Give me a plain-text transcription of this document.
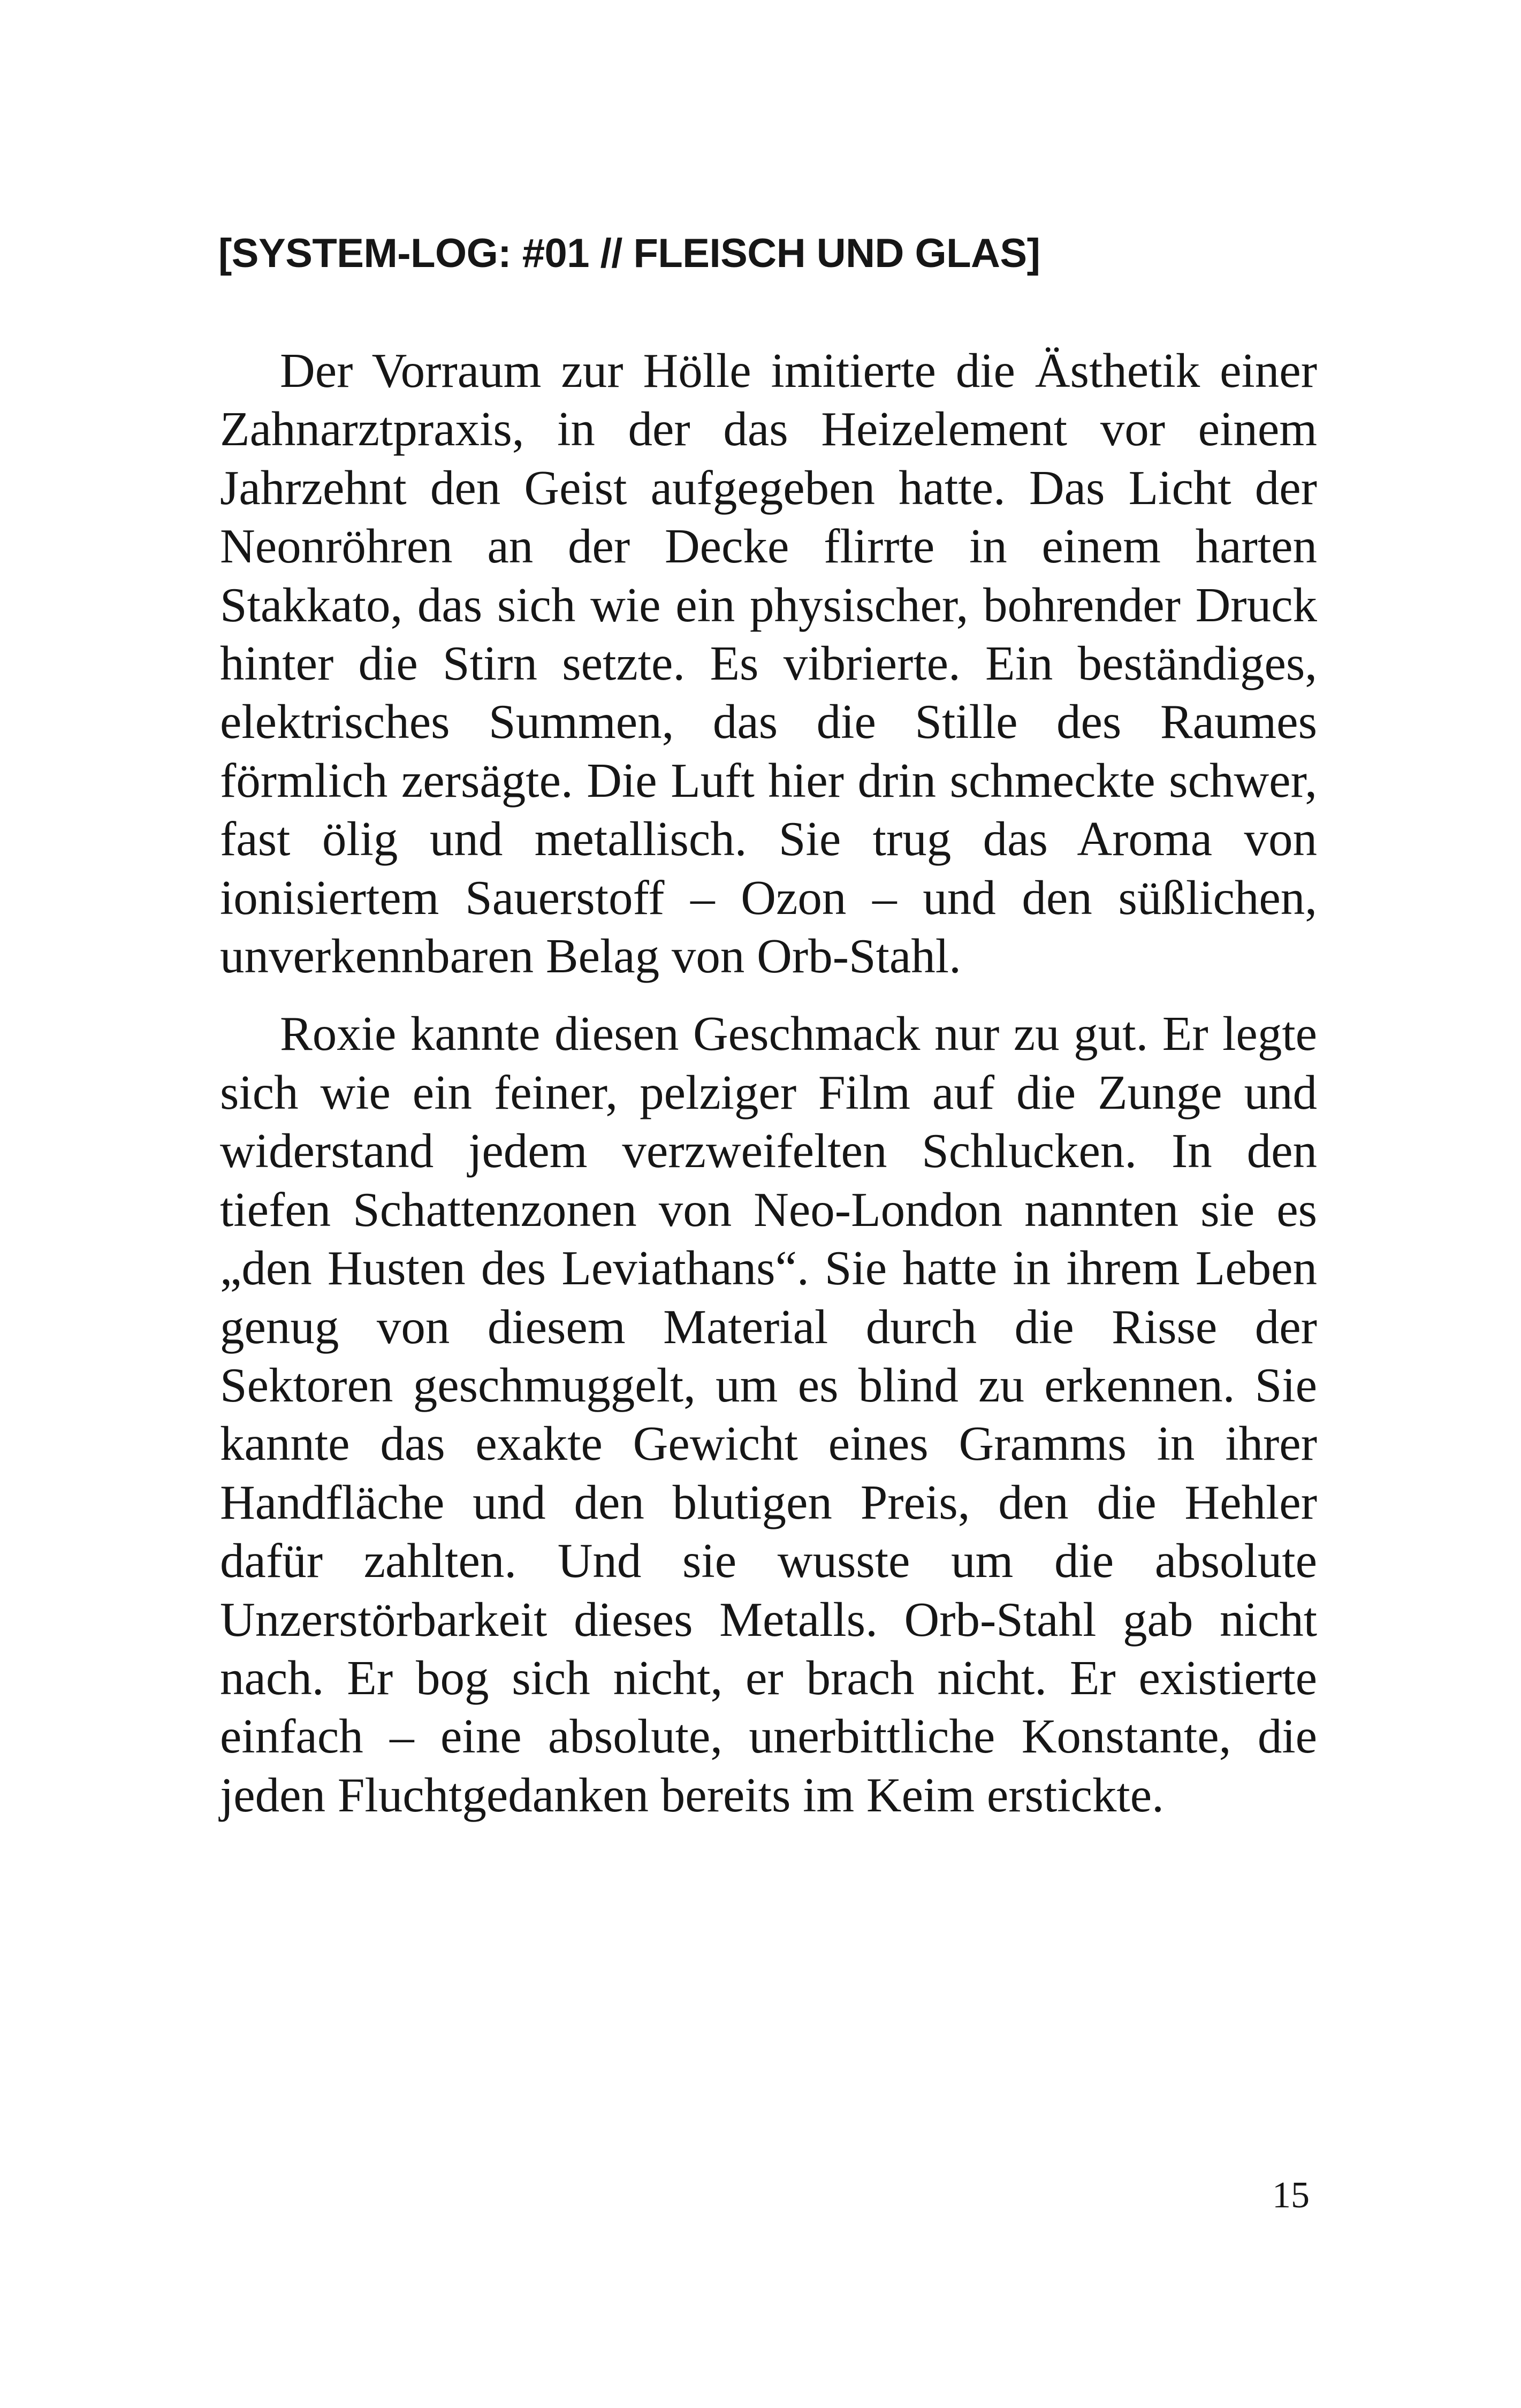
[SYSTEM-LOG: #01 // FLEISCH UND GLAS]

Der Vorraum zur Hölle imitierte die Ästhetik einer Zahnarztpraxis, in der das Heizelement vor einem Jahrzehnt den Geist aufgegeben hatte. Das Licht der Neonröhren an der Decke flirrte in einem harten Stakkato, das sich wie ein physischer, bohrender Druck hinter die Stirn setzte. Es vibrierte. Ein beständiges, elektrisches Summen, das die Stille des Raumes förmlich zersägte. Die Luft hier drin schmeckte schwer, fast ölig und metallisch. Sie trug das Aroma von ionisiertem Sauerstoff – Ozon – und den süßlichen, unverkennbaren Belag von Orb-Stahl.

Roxie kannte diesen Geschmack nur zu gut. Er legte sich wie ein feiner, pelziger Film auf die Zunge und widerstand jedem verzweifelten Schlucken. In den tiefen Schattenzonen von Neo-London nannten sie es „den Husten des Leviathans“. Sie hatte in ihrem Leben genug von diesem Material durch die Risse der Sektoren geschmuggelt, um es blind zu erkennen. Sie kannte das exakte Gewicht eines Gramms in ihrer Handfläche und den blutigen Preis, den die Hehler dafür zahlten. Und sie wusste um die absolute Unzerstörbarkeit dieses Metalls. Orb-Stahl gab nicht nach. Er bog sich nicht, er brach nicht. Er existierte einfach – eine absolute, unerbittliche Konstante, die jeden Fluchtgedanken bereits im Keim erstickte.

15
